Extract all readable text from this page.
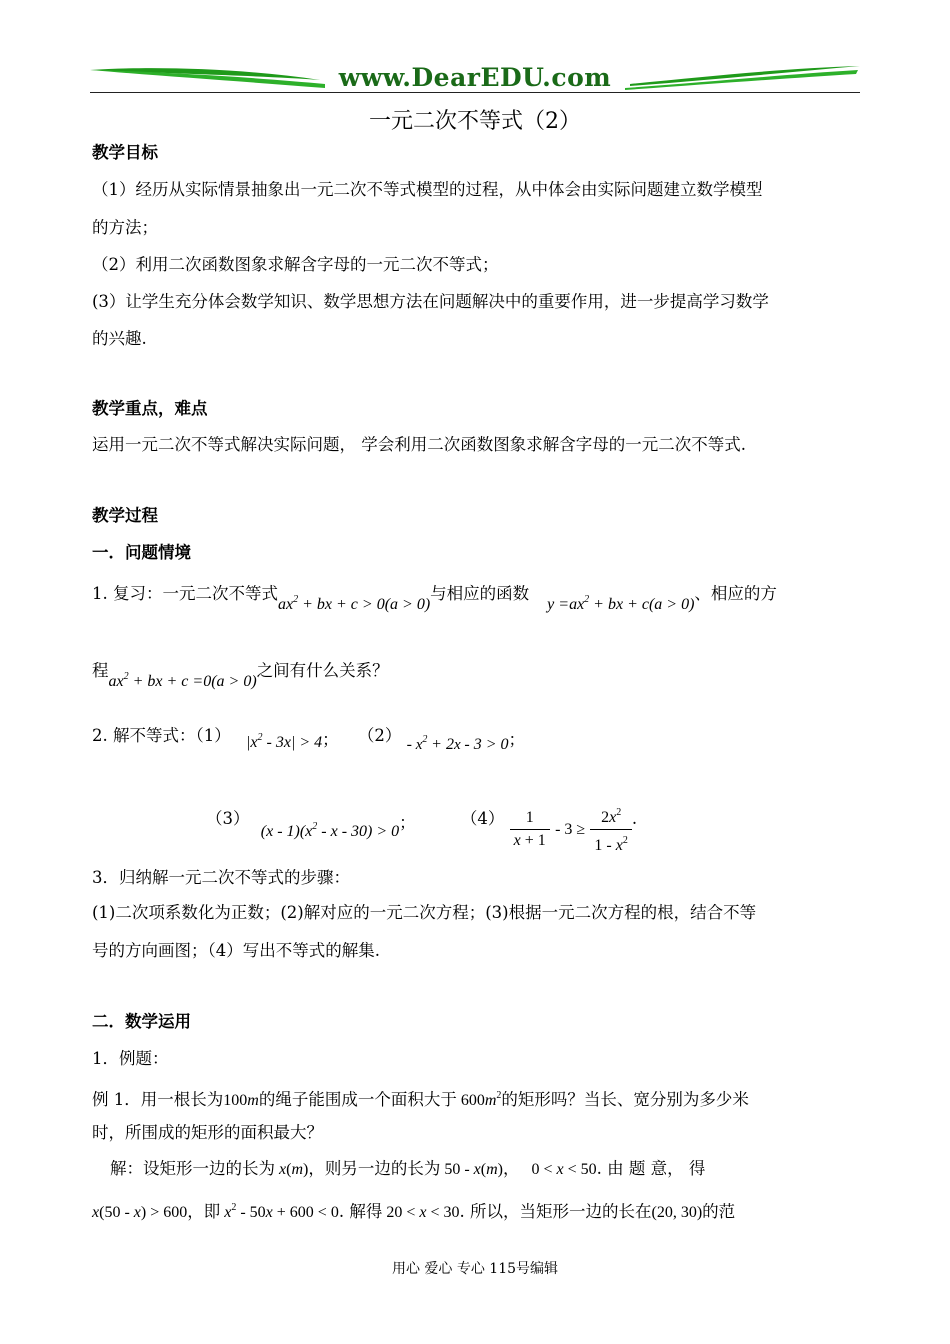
www.DearEDU.com
一元二次不等式（2）
教学目标
（1）经历从实际情景抽象出一元二次不等式模型的过程，从中体会由实际问题建立数学模型
的方法；
（2）利用二次函数图象求解含字母的一元二次不等式；
(3）让学生充分体会数学知识、数学思想方法在问题解决中的重要作用，进一步提高学习数学
的兴趣.
教学重点，难点
运用一元二次不等式解决实际问题， 学会利用二次函数图象求解含字母的一元二次不等式.
教学过程
一．问题情境
1. 复习：一元二次不等式$ax^2$ + bx + c > 0(a > 0)与相应的函数$y =ax^2$ + bx + c(a > 0)、相应的方
程$ax^2$ + bx + c =0(a > 0)之间有什么关系？
2. 解不等式：（1） $|x^2 - 3x| > 4$； $(2) - x^2 + 2x - 3 > 0$；
（3） $(x - 1)(x^2 - x - 30) > 0$；	$(4) \frac{1}{x + 1} - 3 \ge \frac{2x^2}{1 - x^2}$ .
3．归纳解一元二次不等式的步骤：
(1)二次项系数化为正数；(2)解对应的一元二次方程；(3)根据一元二次方程的根，结合不等
号的方向画图；（4）写出不等式的解集.
二．数学运用
1．例题：
例 1．用一根长为100m的绳子能围成一个面积大于 $600m^2$的矩形吗？当长、宽分别为多少米
时，所围成的矩形的面积最大？
解：设矩形一边的长为 x(m)，则另一边的长为 50 - x(m)， 0 < x < 50. 由 题 意， 得
x(50 - x) > 600，即 $x^2 - 50x + 600 < 0$. 解得 20 < x < 30. 所以，当矩形一边的长在(20, 30)的范
用心 爱心 专心 115号编辑
